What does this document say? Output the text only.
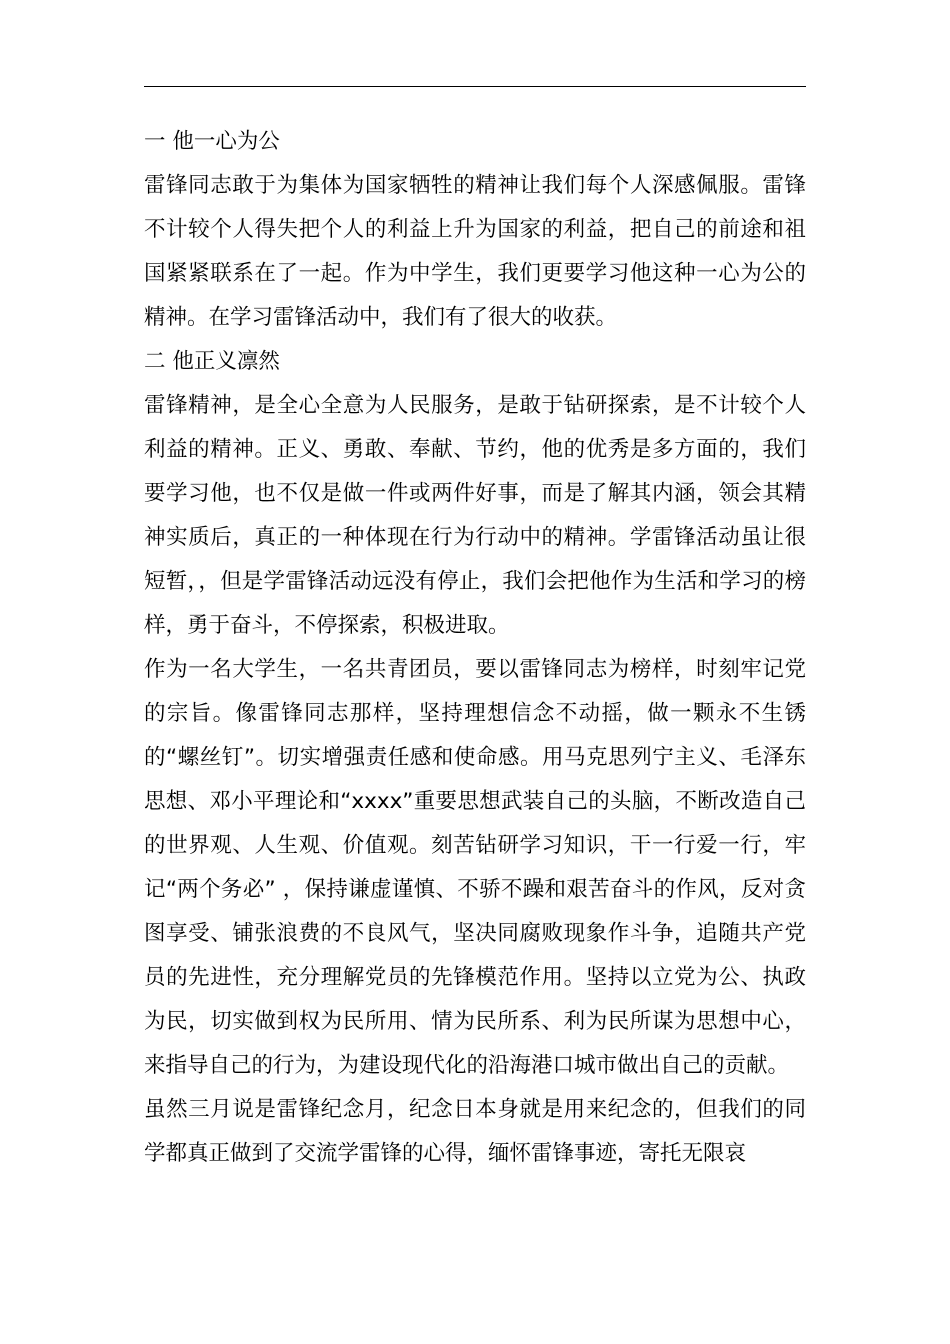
一 他一心为公

雷锋同志敢于为集体为国家牺牲的精神让我们每个人深感佩服。雷锋不计较个人得失把个人的利益上升为国家的利益，把自己的前途和祖国紧紧联系在了一起。作为中学生，我们更要学习他这种一心为公的精神。在学习雷锋活动中，我们有了很大的收获。

二 他正义凛然

雷锋精神，是全心全意为人民服务，是敢于钻研探索，是不计较个人利益的精神。正义、勇敢、奉献、节约，他的优秀是多方面的，我们要学习他，也不仅是做一件或两件好事，而是了解其内涵，领会其精神实质后，真正的一种体现在行为行动中的精神。学雷锋活动虽让很短暂，，但是学雷锋活动远没有停止，我们会把他作为生活和学习的榜样，勇于奋斗，不停探索，积极进取。

作为一名大学生，一名共青团员，要以雷锋同志为榜样，时刻牢记党的宗旨。像雷锋同志那样，坚持理想信念不动摇，做一颗永不生锈的“螺丝钉”。切实增强责任感和使命感。用马克思列宁主义、毛泽东思想、邓小平理论和“xxxx”重要思想武装自己的头脑，不断改造自己的世界观、人生观、价值观。刻苦钻研学习知识，干一行爱一行，牢记“两个务必” ，保持谦虚谨慎、不骄不躁和艰苦奋斗的作风，反对贪图享受、铺张浪费的不良风气，坚决同腐败现象作斗争，追随共产党员的先进性，充分理解党员的先锋模范作用。坚持以立党为公、执政为民，切实做到权为民所用、情为民所系、利为民所谋为思想中心，来指导自己的行为，为建设现代化的沿海港口城市做出自己的贡献。

虽然三月说是雷锋纪念月，纪念日本身就是用来纪念的，但我们的同学都真正做到了交流学雷锋的心得，缅怀雷锋事迹，寄托无限哀
